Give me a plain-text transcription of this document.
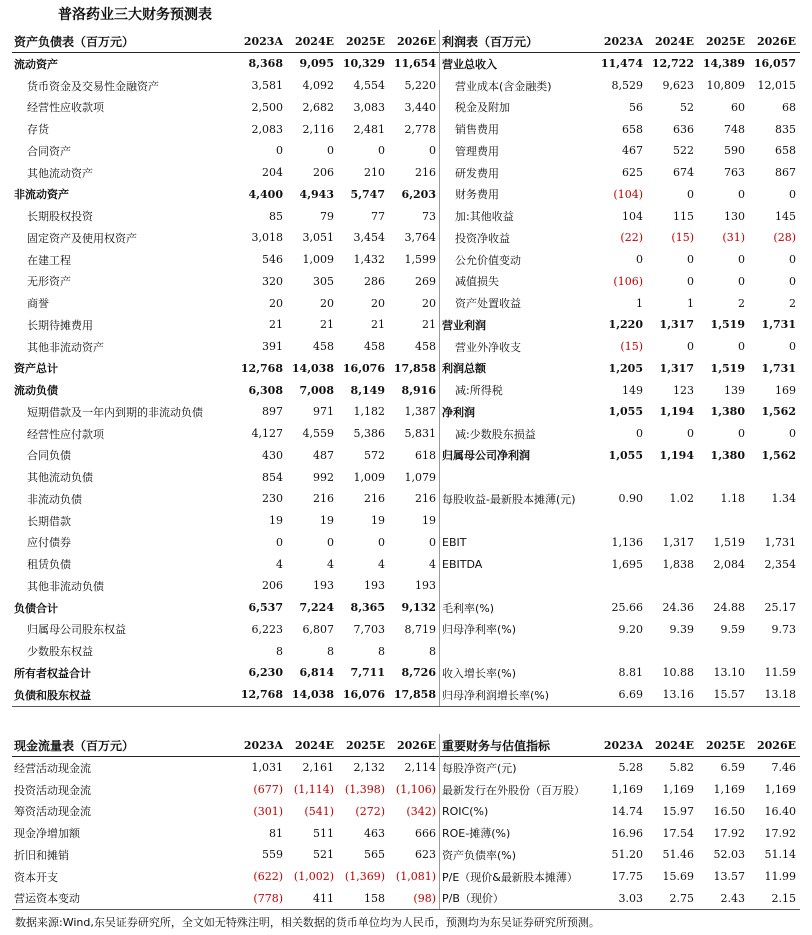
普洛药业三大财务预测表
资产负债表（百万元）	2023A	2024E	2025E	2026E
流动资产	8,368	9,095	10,329	11,654
货币资金及交易性金融资产	3,581	4,092	4,554	5,220
经营性应收款项	2,500	2,682	3,083	3,440
存货	2,083	2,116	2,481	2,778
合同资产	0	0	0	0
其他流动资产	204	206	210	216
非流动资产	4,400	4,943	5,747	6,203
长期股权投资	85	79	77	73
固定资产及使用权资产	3,018	3,051	3,454	3,764
在建工程	546	1,009	1,432	1,599
无形资产	320	305	286	269
商誉	20	20	20	20
长期待摊费用	21	21	21	21
其他非流动资产	391	458	458	458
资产总计	12,768	14,038	16,076	17,858
流动负债	6,308	7,008	8,149	8,916
短期借款及一年内到期的非流动负债	897	971	1,182	1,387
经营性应付款项	4,127	4,559	5,386	5,831
合同负债	430	487	572	618
其他流动负债	854	992	1,009	1,079
非流动负债	230	216	216	216
长期借款	19	19	19	19
应付债券	0	0	0	0
租赁负债	4	4	4	4
其他非流动负债	206	193	193	193
负债合计	6,537	7,224	8,365	9,132
归属母公司股东权益	6,223	6,807	7,703	8,719
少数股东权益	8	8	8	8
所有者权益合计	6,230	6,814	7,711	8,726
负债和股东权益	12,768	14,038	16,076	17,858
利润表（百万元）	2023A	2024E	2025E	2026E
营业总收入	11,474	12,722	14,389	16,057
营业成本(含金融类)	8,529	9,623	10,809	12,015
税金及附加	56	52	60	68
销售费用	658	636	748	835
管理费用	467	522	590	658
研发费用	625	674	763	867
财务费用	(104)	0	0	0
加:其他收益	104	115	130	145
投资净收益	(22)	(15)	(31)	(28)
公允价值变动	0	0	0	0
减值损失	(106)	0	0	0
资产处置收益	1	1	2	2
营业利润	1,220	1,317	1,519	1,731
营业外净收支	(15)	0	0	0
利润总额	1,205	1,317	1,519	1,731
减:所得税	149	123	139	169
净利润	1,055	1,194	1,380	1,562
减:少数股东损益	0	0	0	0
归属母公司净利润	1,055	1,194	1,380	1,562

每股收益-最新股本摊薄(元)	0.90	1.02	1.18	1.34

EBIT	1,136	1,317	1,519	1,731
EBITDA	1,695	1,838	2,084	2,354

毛利率(%)	25.66	24.36	24.88	25.17
归母净利率(%)	9.20	9.39	9.59	9.73

收入增长率(%)	8.81	10.88	13.10	11.59
归母净利润增长率(%)	6.69	13.16	15.57	13.18
现金流量表（百万元）	2023A	2024E	2025E	2026E
经营活动现金流	1,031	2,161	2,132	2,114
投资活动现金流	(677)	(1,114)	(1,398)	(1,106)
筹资活动现金流	(301)	(541)	(272)	(342)
现金净增加额	81	511	463	666
折旧和摊销	559	521	565	623
资本开支	(622)	(1,002)	(1,369)	(1,081)
营运资本变动	(778)	411	158	(98)
重要财务与估值指标	2023A	2024E	2025E	2026E
每股净资产(元)	5.28	5.82	6.59	7.46
最新发行在外股份（百万股）	1,169	1,169	1,169	1,169
ROIC(%)	14.74	15.97	16.50	16.40
ROE-摊薄(%)	16.96	17.54	17.92	17.92
资产负债率(%)	51.20	51.46	52.03	51.14
P/E（现价&最新股本摊薄）	17.75	15.69	13.57	11.99
P/B（现价）	3.03	2.75	2.43	2.15
数据来源:Wind,东吴证券研究所，全文如无特殊注明，相关数据的货币单位均为人民币，预测均为东吴证券研究所预测。
